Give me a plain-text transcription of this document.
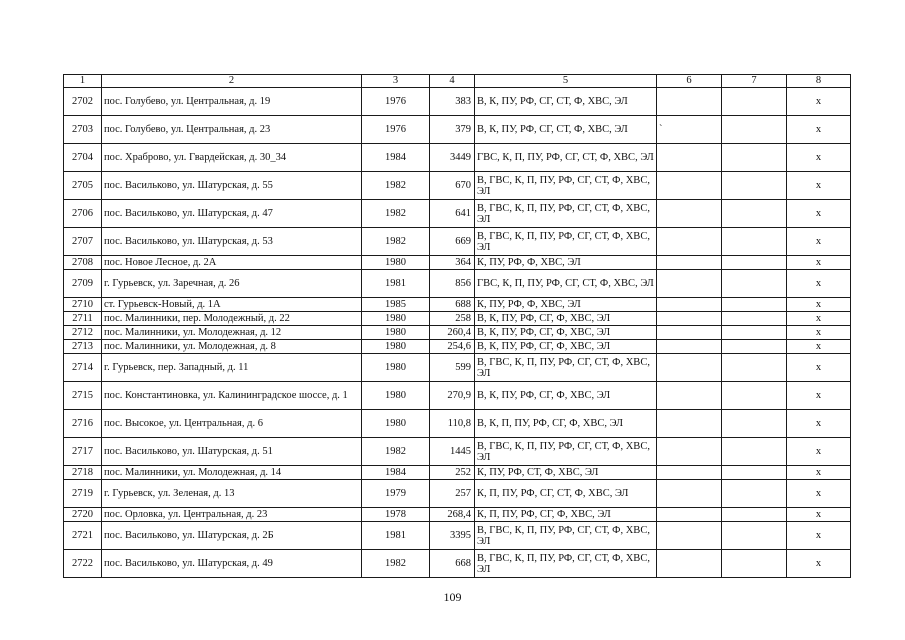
1	2	3	4	5	6	7	8
2702	пос. Голубево, ул. Центральная, д. 19	1976	383	В, К, ПУ, РФ, СГ, СТ, Ф, ХВС, ЭЛ			х
2703	пос. Голубево, ул. Центральная, д. 23	1976	379	В, К, ПУ, РФ, СГ, СТ, Ф, ХВС, ЭЛ	`		х
2704	пос. Храброво, ул. Гвардейская, д. 30_34	1984	3449	ГВС, К, П, ПУ, РФ, СГ, СТ, Ф, ХВС, ЭЛ			х
2705	пос. Васильково, ул. Шатурская, д. 55	1982	670	В, ГВС, К, П, ПУ, РФ, СГ, СТ, Ф, ХВС, ЭЛ			х
2706	пос. Васильково, ул. Шатурская, д. 47	1982	641	В, ГВС, К, П, ПУ, РФ, СГ, СТ, Ф, ХВС, ЭЛ			х
2707	пос. Васильково, ул. Шатурская, д. 53	1982	669	В, ГВС, К, П, ПУ, РФ, СГ, СТ, Ф, ХВС, ЭЛ			х
2708	пос. Новое Лесное, д. 2А	1980	364	К, ПУ, РФ, Ф, ХВС, ЭЛ			х
2709	г. Гурьевск, ул. Заречная, д. 26	1981	856	ГВС, К, П, ПУ, РФ, СГ, СТ, Ф, ХВС, ЭЛ			х
2710	ст. Гурьевск-Новый, д. 1А	1985	688	К, ПУ, РФ, Ф, ХВС, ЭЛ			х
2711	пос. Малинники, пер. Молодежный, д. 22	1980	258	В, К, ПУ, РФ, СГ, Ф, ХВС, ЭЛ			х
2712	пос. Малинники, ул. Молодежная, д. 12	1980	260,4	В, К, ПУ, РФ, СГ, Ф, ХВС, ЭЛ			х
2713	пос. Малинники, ул. Молодежная, д. 8	1980	254,6	В, К, ПУ, РФ, СГ, Ф, ХВС, ЭЛ			х
2714	г. Гурьевск, пер. Западный, д. 11	1980	599	В, ГВС, К, П, ПУ, РФ, СГ, СТ, Ф, ХВС, ЭЛ			х
2715	пос. Константиновка, ул. Калининградское шоссе, д. 1	1980	270,9	В, К, ПУ, РФ, СГ, Ф, ХВС, ЭЛ			х
2716	пос. Высокое, ул. Центральная, д. 6	1980	110,8	В, К, П, ПУ, РФ, СГ, Ф, ХВС, ЭЛ			х
2717	пос. Васильково, ул. Шатурская, д. 51	1982	1445	В, ГВС, К, П, ПУ, РФ, СГ, СТ, Ф, ХВС, ЭЛ			х
2718	пос. Малинники, ул. Молодежная, д. 14	1984	252	К, ПУ, РФ, СТ, Ф, ХВС, ЭЛ			х
2719	г. Гурьевск, ул. Зеленая, д. 13	1979	257	К, П, ПУ, РФ, СГ, СТ, Ф, ХВС, ЭЛ			х
2720	пос. Орловка, ул. Центральная, д. 23	1978	268,4	К, П, ПУ, РФ, СГ, Ф, ХВС, ЭЛ			х
2721	пос. Васильково, ул. Шатурская, д. 2Б	1981	3395	В, ГВС, К, П, ПУ, РФ, СГ, СТ, Ф, ХВС, ЭЛ			х
2722	пос. Васильково, ул. Шатурская, д. 49	1982	668	В, ГВС, К, П, ПУ, РФ, СГ, СТ, Ф, ХВС, ЭЛ			х
109
